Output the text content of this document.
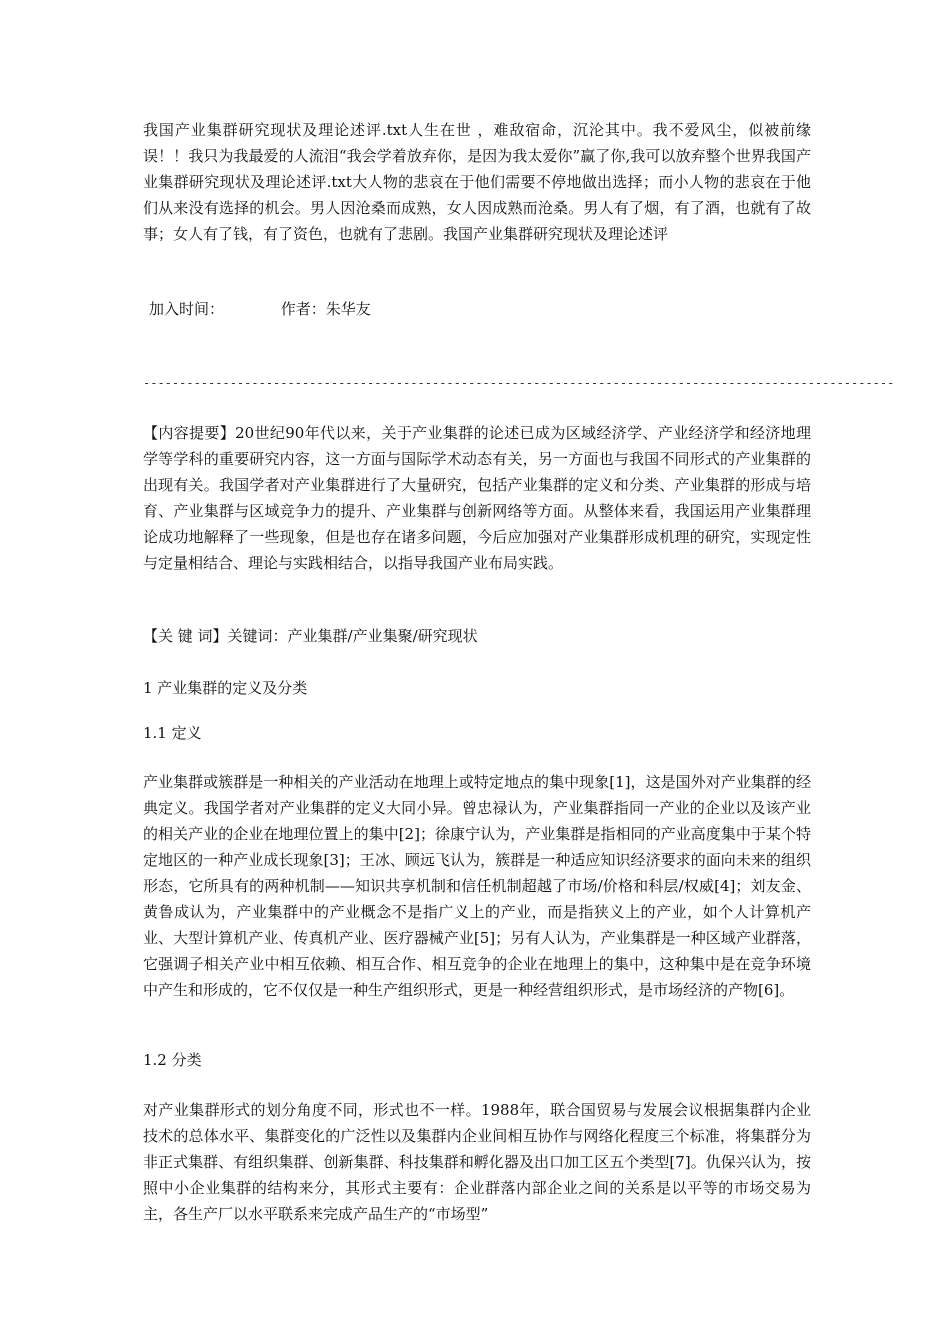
我国产业集群研究现状及理论述评.txt人生在世 ，难敌宿命，沉沦其中。我不爱风尘，似被前缘误！！我只为我最爱的人流泪“我会学着放弃你，是因为我太爱你”赢了你,我可以放弃整个世界我国产业集群研究现状及理论述评.txt大人物的悲哀在于他们需要不停地做出选择；而小人物的悲哀在于他们从来没有选择的机会。男人因沧桑而成熟，女人因成熟而沧桑。男人有了烟，有了酒，也就有了故事；女人有了钱，有了资色，也就有了悲剧。我国产业集群研究现状及理论述评

加入时间：	作者：朱华友
--------------------------------------------------------------------------------------------------------

【内容提要】20世纪90年代以来，关于产业集群的论述已成为区域经济学、产业经济学和经济地理学等学科的重要研究内容，这一方面与国际学术动态有关，另一方面也与我国不同形式的产业集群的出现有关。我国学者对产业集群进行了大量研究，包括产业集群的定义和分类、产业集群的形成与培育、产业集群与区域竞争力的提升、产业集群与创新网络等方面。从整体来看，我国运用产业集群理论成功地解释了一些现象，但是也存在诸多问题，今后应加强对产业集群形成机理的研究，实现定性与定量相结合、理论与实践相结合，以指导我国产业布局实践。

【关 键 词】关键词：产业集群/产业集聚/研究现状

1 产业集群的定义及分类

1.1 定义

产业集群或簇群是一种相关的产业活动在地理上或特定地点的集中现象[1]，这是国外对产业集群的经典定义。我国学者对产业集群的定义大同小异。曾忠禄认为，产业集群指同一产业的企业以及该产业的相关产业的企业在地理位置上的集中[2]；徐康宁认为，产业集群是指相同的产业高度集中于某个特定地区的一种产业成长现象[3]；王冰、顾远飞认为，簇群是一种适应知识经济要求的面向未来的组织形态，它所具有的两种机制——知识共享机制和信任机制超越了市场/价格和科层/权威[4]；刘友金、黄鲁成认为，产业集群中的产业概念不是指广义上的产业，而是指狭义上的产业，如个人计算机产业、大型计算机产业、传真机产业、医疗器械产业[5]；另有人认为，产业集群是一种区域产业群落，它强调子相关产业中相互依赖、相互合作、相互竞争的企业在地理上的集中，这种集中是在竞争环境中产生和形成的，它不仅仅是一种生产组织形式，更是一种经营组织形式，是市场经济的产物[6]。

1.2 分类

对产业集群形式的划分角度不同，形式也不一样。1988年，联合国贸易与发展会议根据集群内企业技术的总体水平、集群变化的广泛性以及集群内企业间相互协作与网络化程度三个标准，将集群分为非正式集群、有组织集群、创新集群、科技集群和孵化器及出口加工区五个类型[7]。仇保兴认为，按照中小企业集群的结构来分，其形式主要有：企业群落内部企业之间的关系是以平等的市场交易为主，各生产厂以水平联系来完成产品生产的“市场型”
